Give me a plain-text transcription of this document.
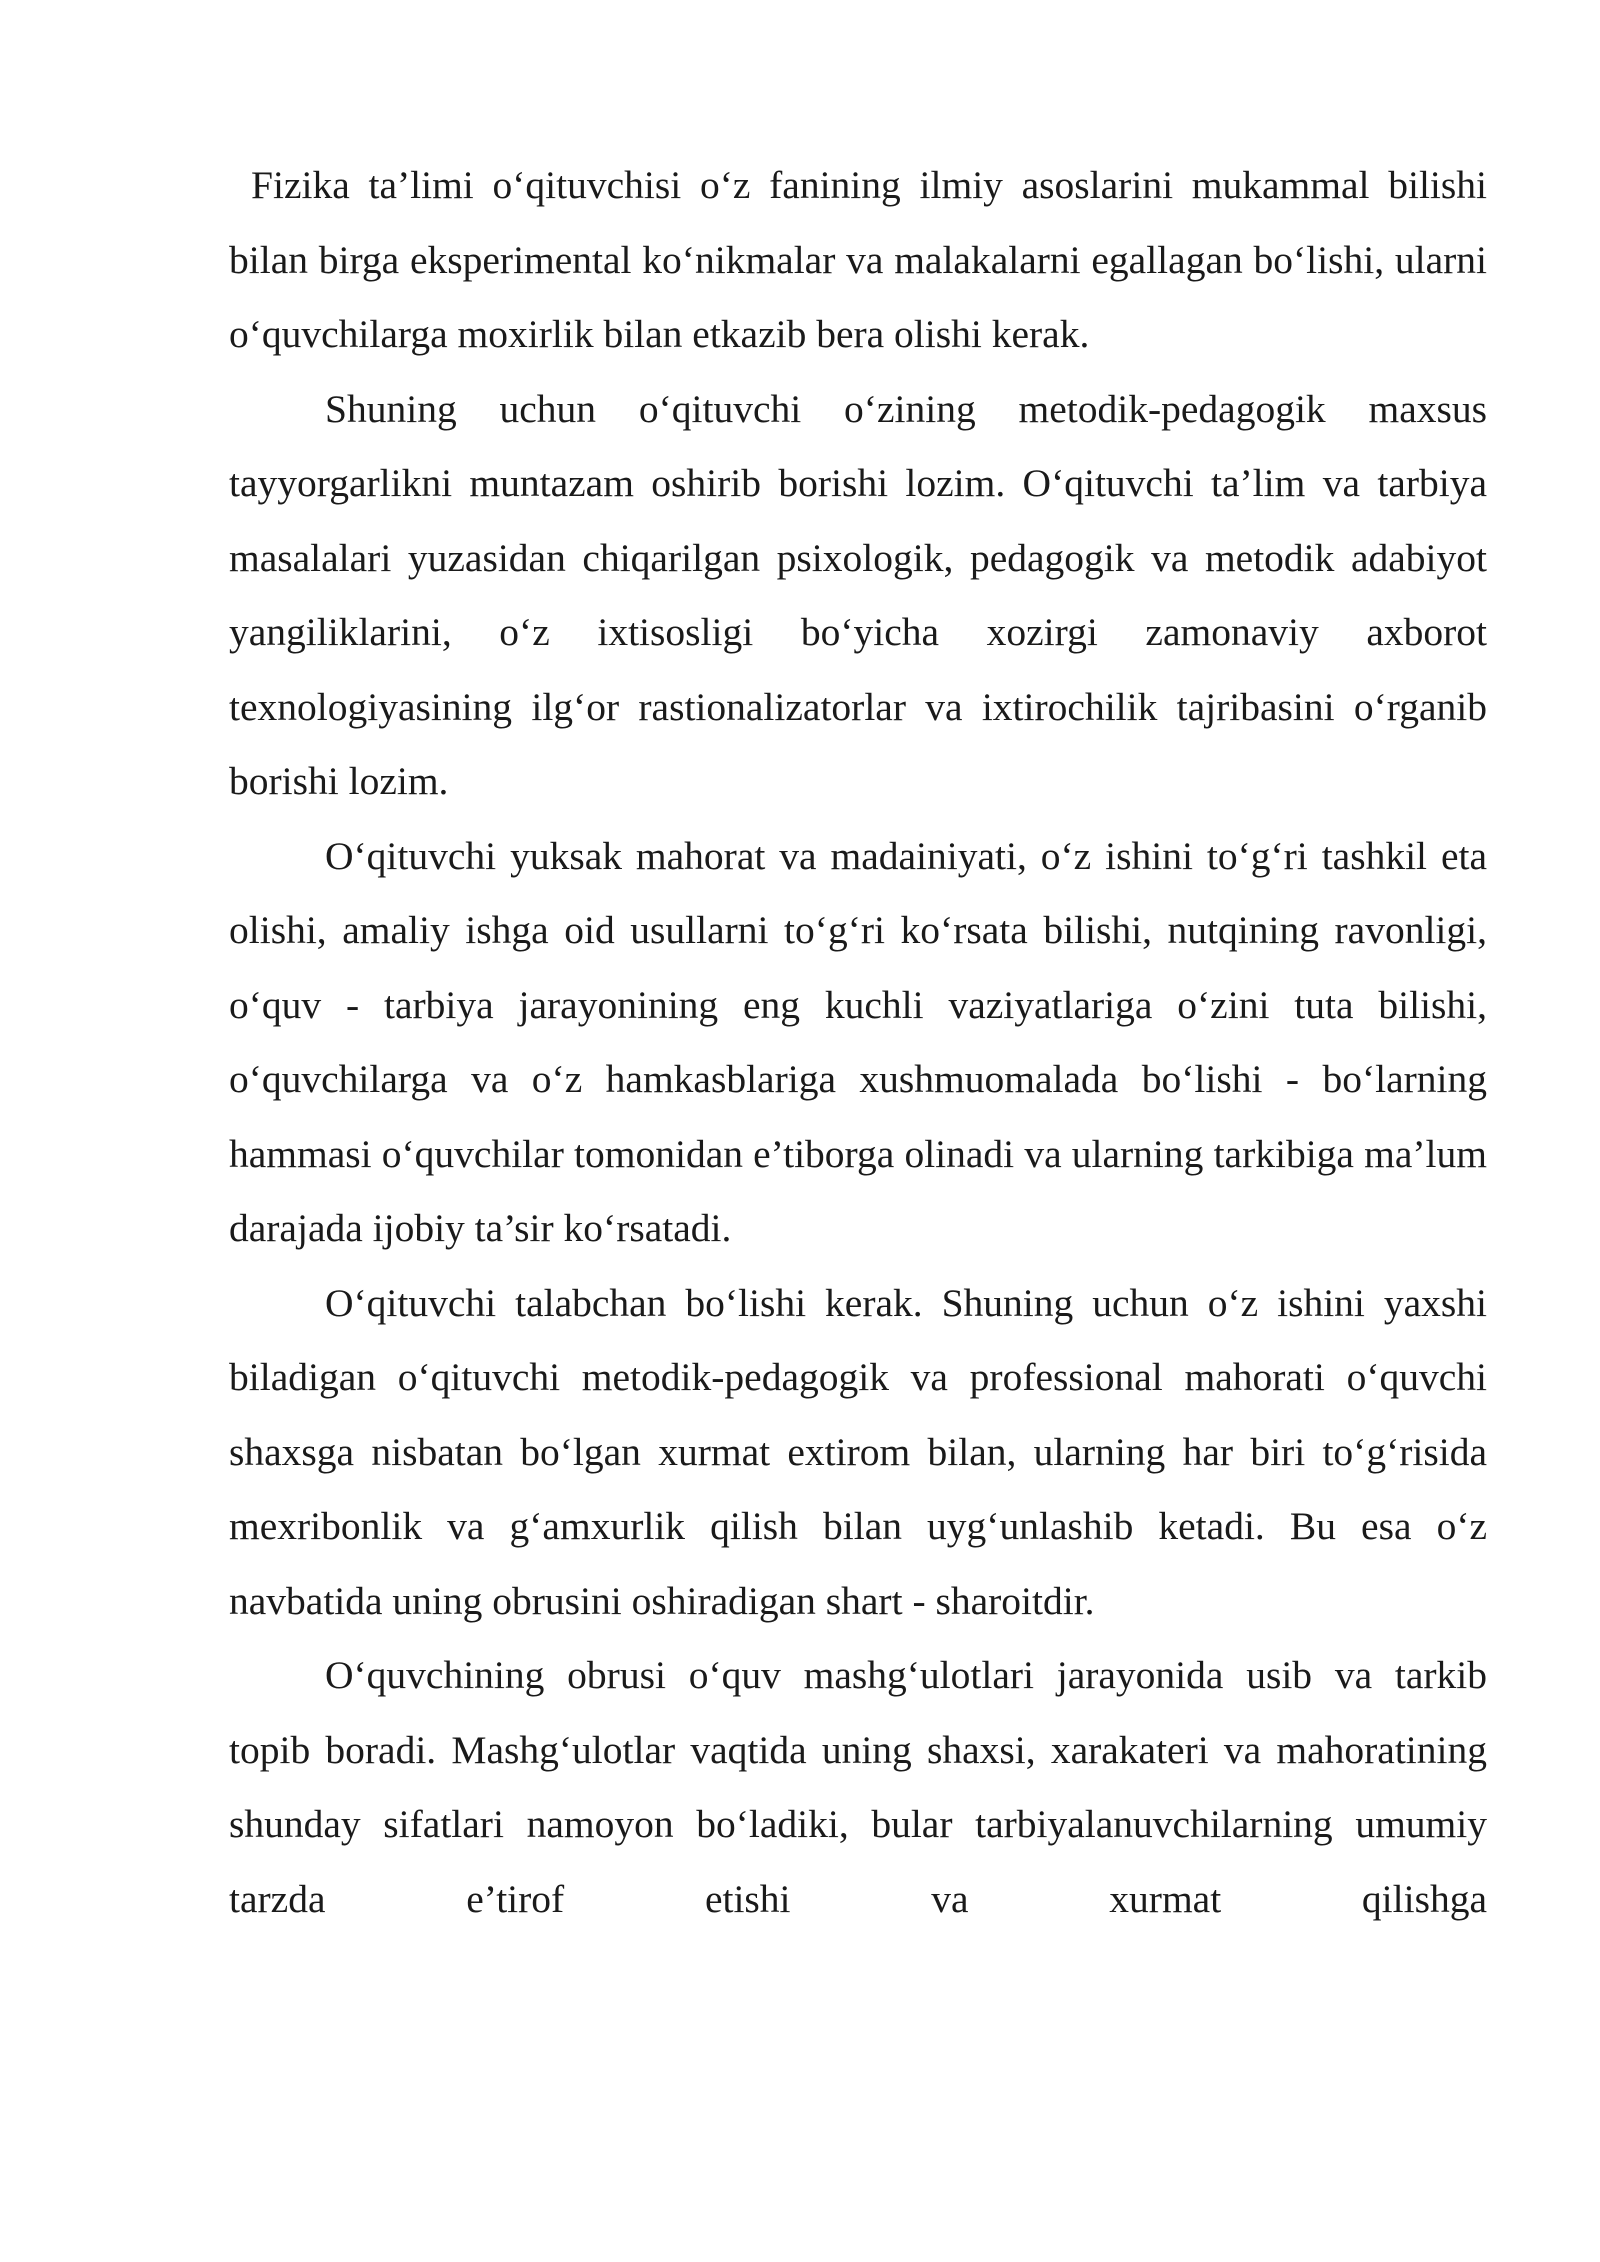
Fizika ta’limi o‘qituvchisi o‘z fanining ilmiy asoslarini mukammal bilishi bilan birga eksperimental ko‘nikmalar va malakalarni egallagan bo‘lishi, ularni o‘quvchilarga moxirlik bilan etkazib bera olishi kerak.

Shuning uchun o‘qituvchi o‘zining metodik-pedagogik maxsus tayyorgarlikni muntazam oshirib borishi lozim. O‘qituvchi ta’lim va tarbiya masalalari yuzasidan chiqarilgan psixologik, pedagogik va metodik adabiyot yangiliklarini, o‘z ixtisosligi bo‘yicha xozirgi zamonaviy axborot texnologiyasining ilg‘or rastionalizatorlar va ixtirochilik tajribasini o‘rganib borishi lozim.

O‘qituvchi yuksak mahorat va madainiyati, o‘z ishini to‘g‘ri tashkil eta olishi, amaliy ishga oid usullarni to‘g‘ri ko‘rsata bilishi, nutqining ravonligi, o‘quv - tarbiya jarayonining eng kuchli vaziyatlariga o‘zini tuta bilishi, o‘quvchilarga va o‘z hamkasblariga xushmuomalada bo‘lishi - bo‘larning hammasi o‘quvchilar tomonidan e’tiborga olinadi va ularning tarkibiga ma’lum darajada ijobiy ta’sir ko‘rsatadi.

O‘qituvchi talabchan bo‘lishi kerak. Shuning uchun o‘z ishini yaxshi biladigan o‘qituvchi metodik-pedagogik va professional mahorati o‘quvchi shaxsga nisbatan bo‘lgan xurmat extirom bilan, ularning har biri to‘g‘risida mexribonlik va g‘amxurlik qilish bilan uyg‘unlashib ketadi. Bu esa o‘z navbatida uning obrusini oshiradigan shart - sharoitdir.

O‘quvchining obrusi o‘quv mashg‘ulotlari jarayonida usib va tarkib topib boradi. Mashg‘ulotlar vaqtida uning shaxsi, xarakateri va mahoratining shunday sifatlari namoyon bo‘ladiki, bular tarbiyalanuvchilarning umumiy tarzda e’tirof etishi va xurmat qilishga
